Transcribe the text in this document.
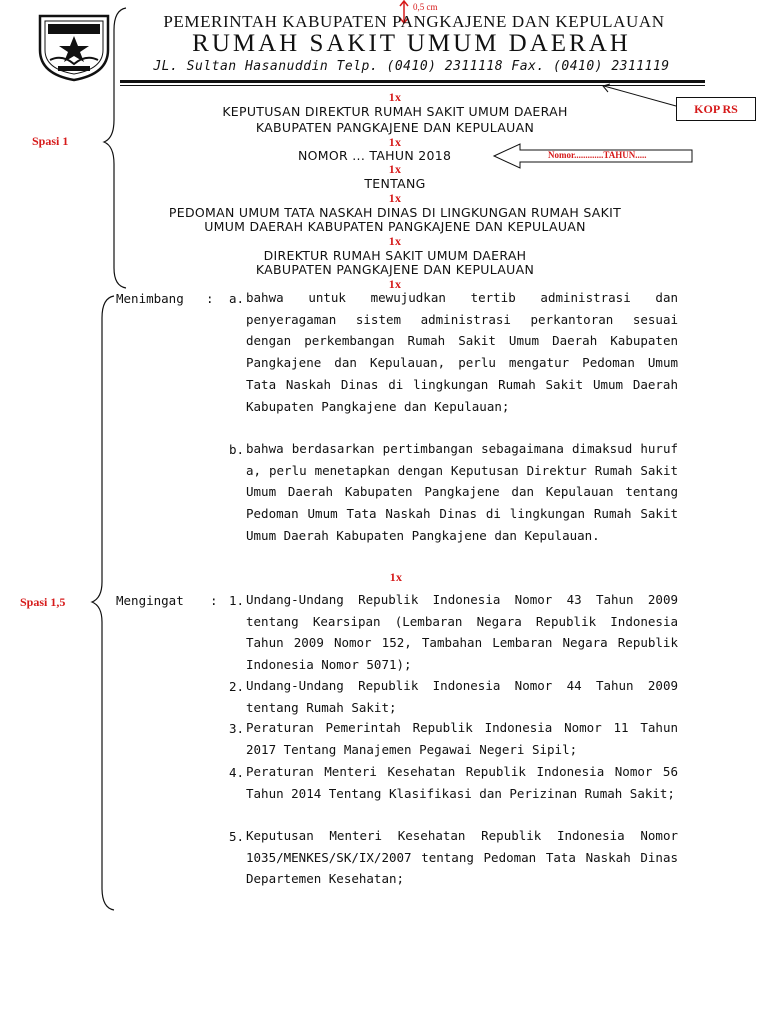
0,5 cm
PEMERINTAH KABUPATEN PANGKAJENE DAN KEPULAUAN
RUMAH SAKIT UMUM DAERAH
JL. Sultan Hasanuddin Telp. (0410) 2311118 Fax. (0410) 2311119
KOP RS
Spasi 1
1x
KEPUTUSAN DIREKTUR RUMAH SAKIT UMUM DAERAH
KABUPATEN PANGKAJENE DAN KEPULAUAN
1x
NOMOR ... TAHUN 2018
1x
TENTANG
1x
PEDOMAN UMUM TATA NASKAH DINAS DI LINGKUNGAN RUMAH SAKIT
UMUM DAERAH KABUPATEN PANGKAJENE DAN KEPULAUAN
1x
DIREKTUR RUMAH SAKIT UMUM DAERAH
KABUPATEN PANGKAJENE DAN KEPULAUAN
1x
Nomor.............TAHUN.....
Spasi 1,5
Menimbang :	a. bahwa untuk mewujudkan tertib administrasi dan penyeragaman sistem administrasi perkantoran sesuai dengan perkembangan Rumah Sakit Umum Daerah Kabupaten Pangkajene dan Kepulauan, perlu mengatur Pedoman Umum Tata Naskah Dinas di lingkungan Rumah Sakit Umum Daerah Kabupaten Pangkajene dan Kepulauan;
b. bahwa berdasarkan pertimbangan sebagaimana dimaksud huruf a, perlu menetapkan dengan Keputusan Direktur Rumah Sakit Umum Daerah Kabupaten Pangkajene dan Kepulauan tentang Pedoman Umum Tata Naskah Dinas di lingkungan Rumah Sakit Umum Daerah Kabupaten Pangkajene dan Kepulauan.
1x
Mengingat : 1. Undang-Undang Republik Indonesia Nomor 43 Tahun 2009 tentang Kearsipan (Lembaran Negara Republik Indonesia Tahun 2009 Nomor 152, Tambahan Lembaran Negara Republik Indonesia Nomor 5071);
2. Undang-Undang Republik Indonesia Nomor 44 Tahun 2009 tentang Rumah Sakit;
3. Peraturan Pemerintah Republik Indonesia Nomor 11 Tahun 2017 Tentang Manajemen Pegawai Negeri Sipil;
4. Peraturan Menteri Kesehatan Republik Indonesia Nomor 56 Tahun 2014 Tentang Klasifikasi dan Perizinan Rumah Sakit;
5. Keputusan Menteri Kesehatan Republik Indonesia Nomor 1035/MENKES/SK/IX/2007 tentang Pedoman Tata Naskah Dinas Departemen Kesehatan;
